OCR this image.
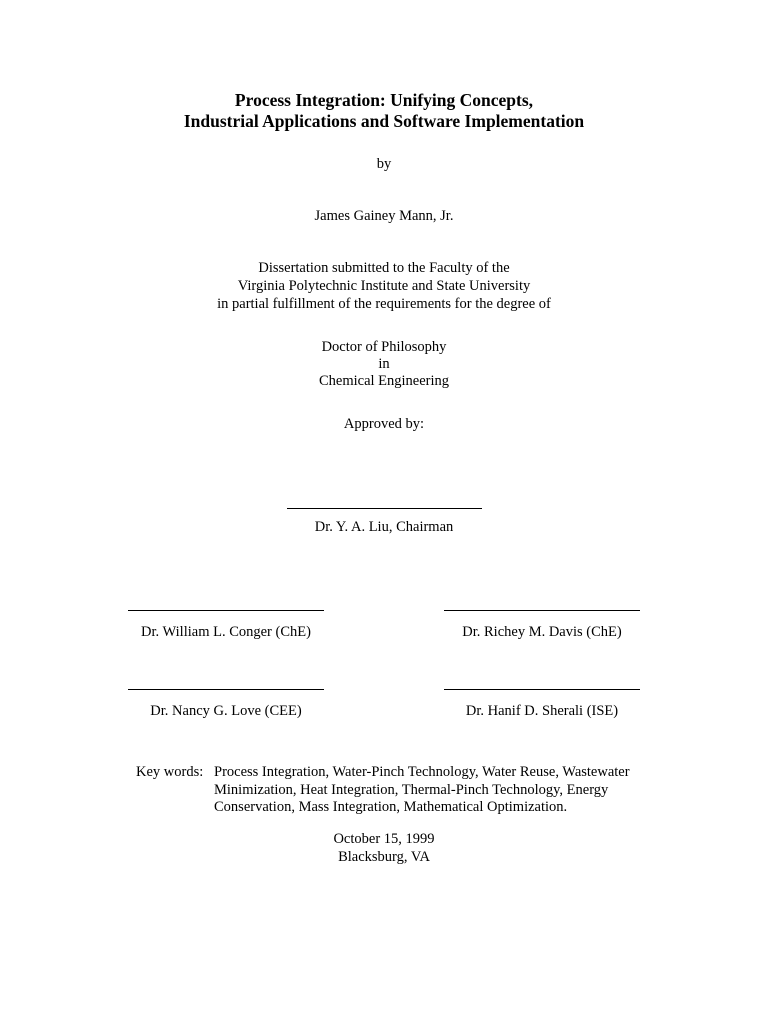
Process Integration: Unifying Concepts,
Industrial Applications and Software Implementation
by
James Gainey Mann, Jr.
Dissertation submitted to the Faculty of the
Virginia Polytechnic Institute and State University
in partial fulfillment of the requirements for the degree of
Doctor of Philosophy
in
Chemical Engineering
Approved by:
Dr. Y. A. Liu, Chairman
Dr. William L. Conger (ChE)	Dr. Richey M. Davis (ChE)
Dr. Nancy G. Love (CEE)	Dr. Hanif D. Sherali (ISE)
Key words: Process Integration, Water-Pinch Technology, Water Reuse, Wastewater
Minimization, Heat Integration, Thermal-Pinch Technology, Energy
Conservation, Mass Integration, Mathematical Optimization.
October 15, 1999
Blacksburg, VA
